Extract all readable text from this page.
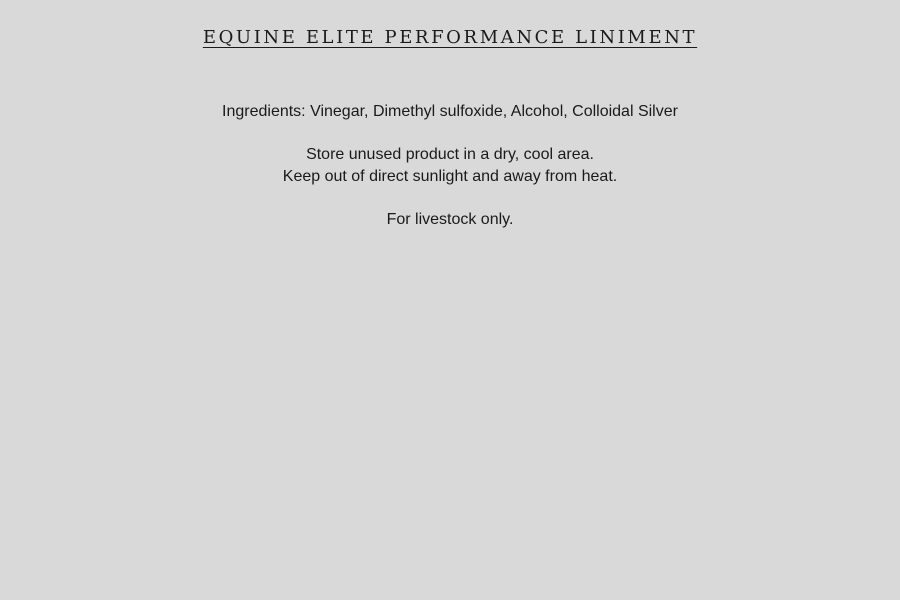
EQUINE ELITE PERFORMANCE LINIMENT
Ingredients: Vinegar, Dimethyl sulfoxide, Alcohol, Colloidal Silver
Store unused product in a dry, cool area.
Keep out of direct sunlight and away from heat.
For livestock only.
